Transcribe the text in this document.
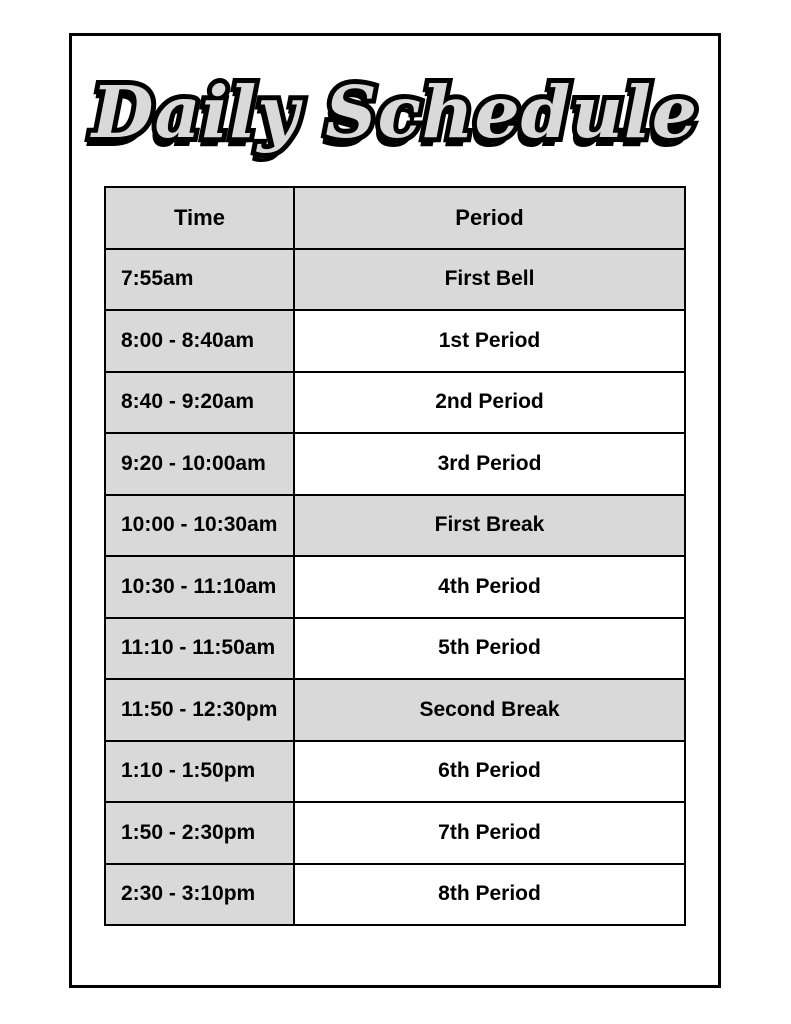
Daily Schedule Daily Schedule
Time	Period
7:55am	First Bell
8:00 - 8:40am	1st Period
8:40 - 9:20am	2nd Period
9:20 - 10:00am	3rd Period
10:00 - 10:30am	First Break
10:30 - 11:10am	4th Period
11:10 - 11:50am	5th Period
11:50 - 12:30pm	Second Break
1:10 - 1:50pm	6th Period
1:50 - 2:30pm	7th Period
2:30 - 3:10pm	8th Period
